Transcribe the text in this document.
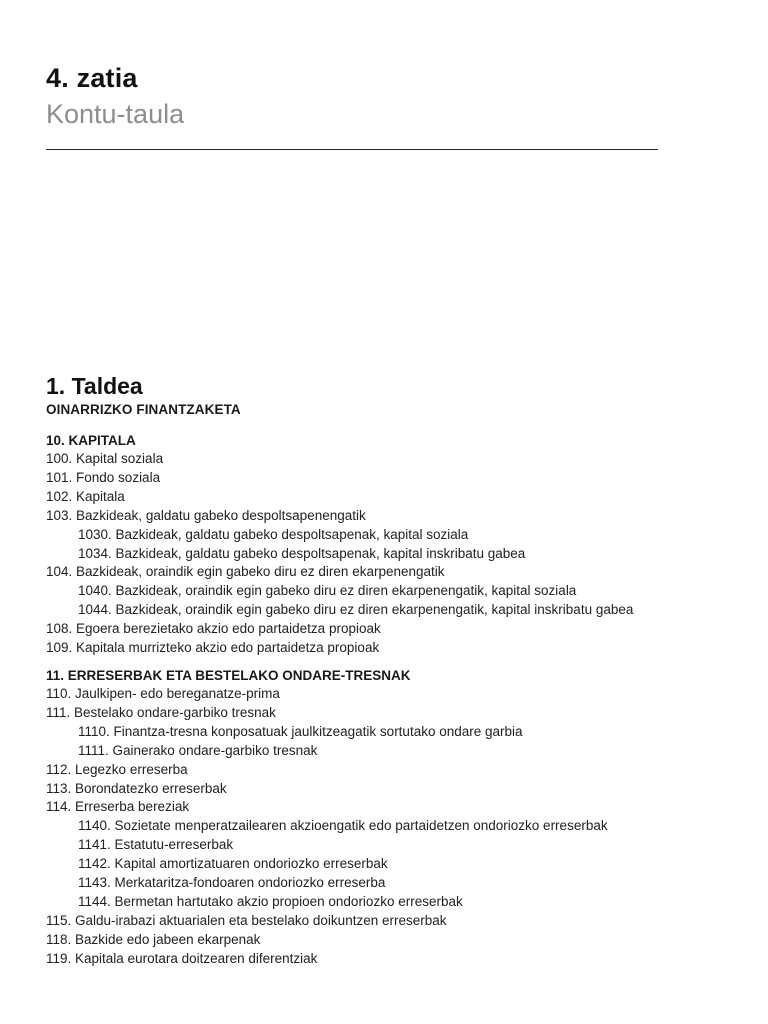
4. zatia
Kontu-taula
1. Taldea
OINARRIZKO FINANTZAKETA
10. KAPITALA
100. Kapital soziala
101. Fondo soziala
102. Kapitala
103. Bazkideak, galdatu gabeko despoltsapenengatik
1030. Bazkideak, galdatu gabeko despoltsapenak, kapital soziala
1034. Bazkideak, galdatu gabeko despoltsapenak, kapital inskribatu gabea
104. Bazkideak, oraindik egin gabeko diru ez diren ekarpenengatik
1040. Bazkideak, oraindik egin gabeko diru ez diren ekarpenengatik, kapital soziala
1044. Bazkideak, oraindik egin gabeko diru ez diren ekarpenengatik, kapital inskribatu gabea
108. Egoera berezietako akzio edo partaidetza propioak
109. Kapitala murrizteko akzio edo partaidetza propioak
11. ERRESERBAK ETA BESTELAKO ONDARE-TRESNAK
110. Jaulkipen- edo bereganatze-prima
111. Bestelako ondare-garbiko tresnak
1110. Finantza-tresna konposatuak jaulkitzeagatik sortutako ondare garbia
1111. Gainerako ondare-garbiko tresnak
112. Legezko erreserba
113. Borondatezko erreserbak
114. Erreserba bereziak
1140. Sozietate menperatzailearen akzioengatik edo partaidetzen ondoriozko erreserbak
1141. Estatutu-erreserbak
1142. Kapital amortizatuaren ondoriozko erreserbak
1143. Merkataritza-fondoaren ondoriozko erreserba
1144. Bermetan hartutako akzio propioen ondoriozko erreserbak
115. Galdu-irabazi aktuarialen eta bestelako doikuntzen erreserbak
118. Bazkide edo jabeen ekarpenak
119. Kapitala eurotara doitzearen diferentziak
